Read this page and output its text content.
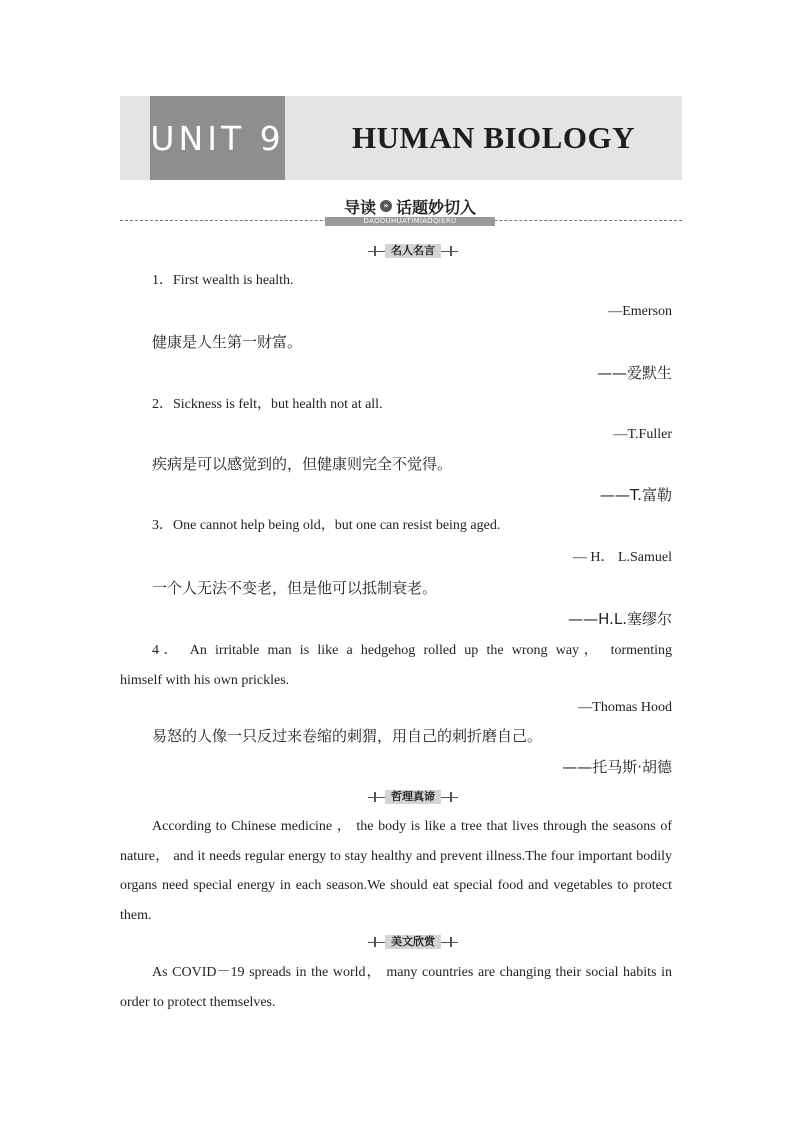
UNIT 9	HUMAN BIOLOGY
导读 » 话题妙切入
DAODUHUATIMIAOQIERU
名人名言
1．First wealth is health.
—Emerson
健康是人生第一财富。
——爱默生
2．Sickness is felt，but health not at all.
—T.Fuller
疾病是可以感觉到的，但健康则完全不觉得。
——T.富勒
3．One cannot help being old，but one can resist being aged.
— H． L.Samuel
一个人无法不变老，但是他可以抵制衰老。
——H.L.塞缪尔
4． An irritable man is like a hedgehog rolled up the wrong way， tormenting
himself with his own prickles.
—Thomas Hood
易怒的人像一只反过来卷缩的刺猬，用自己的刺折磨自己。
——托马斯·胡德
哲理真谛
According to Chinese medicine ， the body is like a tree that lives through the seasons of nature， and it needs regular energy to stay healthy and prevent illness.The four important bodily organs need special energy in each season.We should eat special food and vegetables to protect them.
美文欣赏
As COVID－19 spreads in the world， many countries are changing their social habits in order to protect themselves.
